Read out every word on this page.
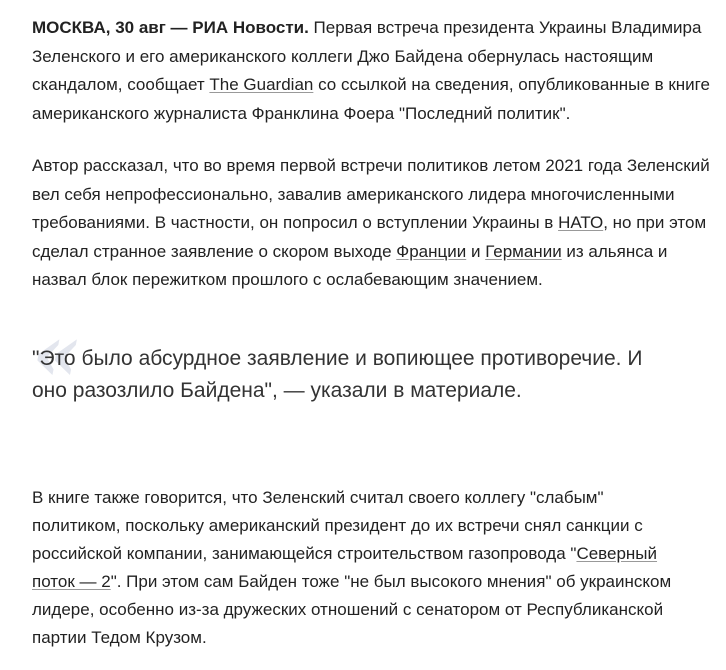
МОСКВА, 30 авг — РИА Новости. Первая встреча президента Украины Владимира Зеленского и его американского коллеги Джо Байдена обернулась настоящим скандалом, сообщает The Guardian со ссылкой на сведения, опубликованные в книге американского журналиста Франклина Фоера "Последний политик".

Автор рассказал, что во время первой встречи политиков летом 2021 года Зеленский вел себя непрофессионально, завалив американского лидера многочисленными требованиями. В частности, он попросил о вступлении Украины в НАТО, но при этом сделал странное заявление о скором выходе Франции и Германии из альянса и назвал блок пережитком прошлого с ослабевающим значением.

«

"Это было абсурдное заявление и вопиющее противоречие. И оно разозлило Байдена", — указали в материале.

В книге также говорится, что Зеленский считал своего коллегу "слабым" политиком, поскольку американский президент до их встречи снял санкции с российской компании, занимающейся строительством газопровода "Северный поток — 2". При этом сам Байден тоже "не был высокого мнения" об украинском лидере, особенно из-за дружеских отношений с сенатором от Республиканской партии Тедом Крузом.
